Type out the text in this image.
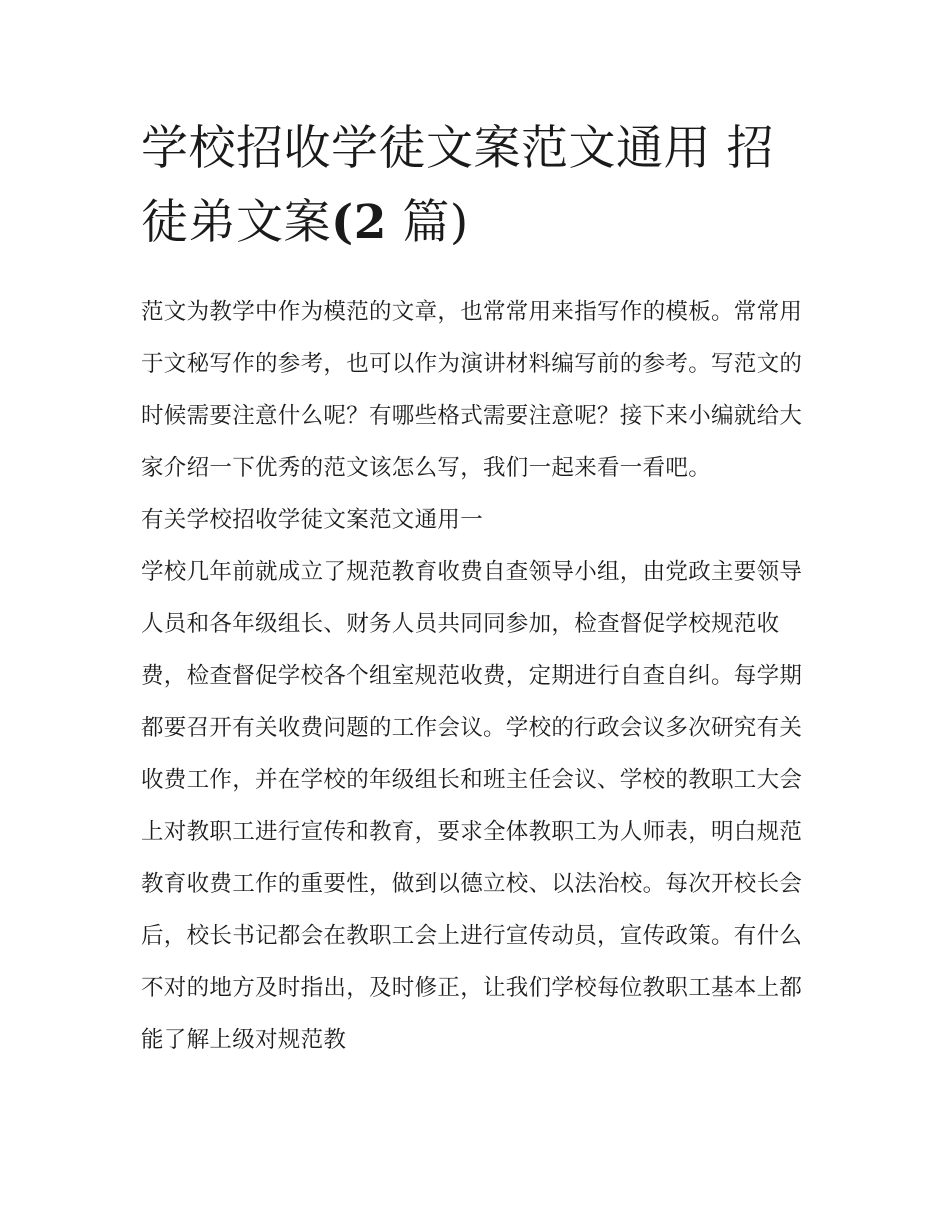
学校招收学徒文案范文通用 招徒弟文案(2 篇)

范文为教学中作为模范的文章，也常常用来指写作的模板。常常用于文秘写作的参考，也可以作为演讲材料编写前的参考。写范文的时候需要注意什么呢？有哪些格式需要注意呢？接下来小编就给大家介绍一下优秀的范文该怎么写，我们一起来看一看吧。

有关学校招收学徒文案范文通用一

学校几年前就成立了规范教育收费自查领导小组，由党政主要领导人员和各年级组长、财务人员共同同参加，检查督促学校规范收费，检查督促学校各个组室规范收费，定期进行自查自纠。每学期都要召开有关收费问题的工作会议。学校的行政会议多次研究有关收费工作，并在学校的年级组长和班主任会议、学校的教职工大会上对教职工进行宣传和教育，要求全体教职工为人师表，明白规范教育收费工作的重要性，做到以德立校、以法治校。每次开校长会后，校长书记都会在教职工会上进行宣传动员，宣传政策。有什么不对的地方及时指出，及时修正，让我们学校每位教职工基本上都能了解上级对规范教
